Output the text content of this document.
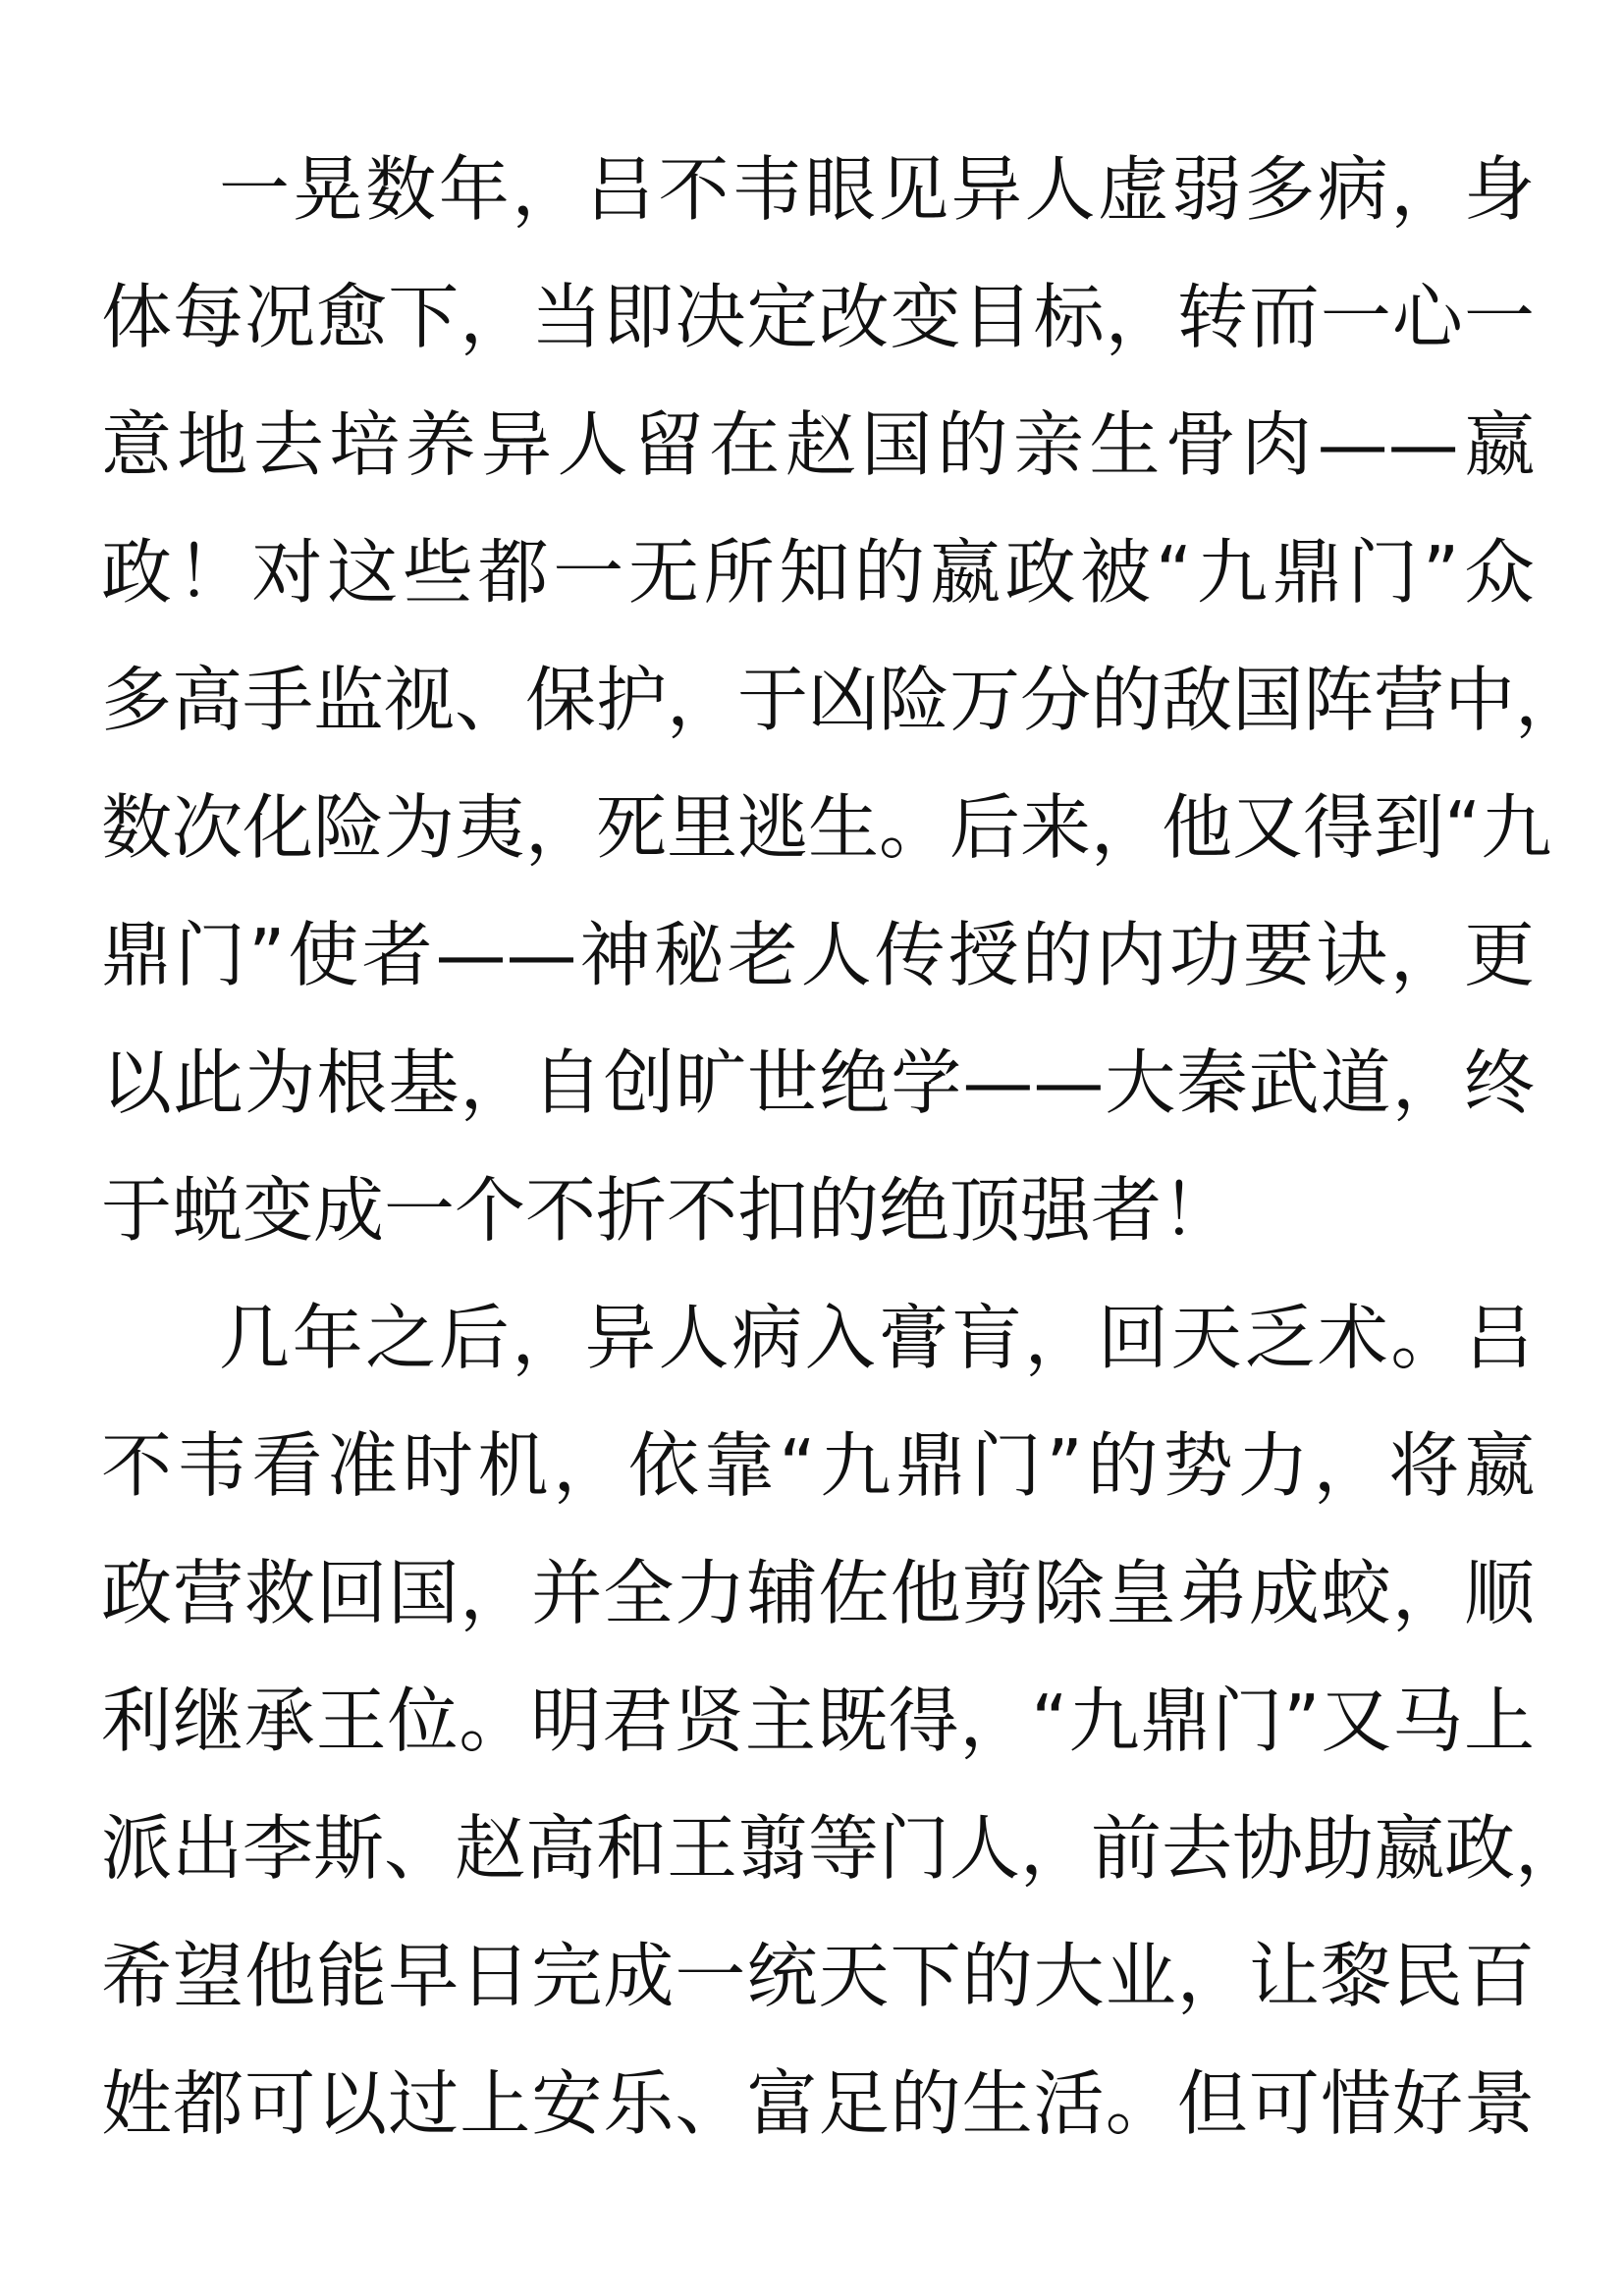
一晃数年，吕不韦眼见异人虚弱多病，身
体每况愈下，当即决定改变目标，转而一心一
意地去培养异人留在赵国的亲生骨肉——嬴
政！对这些都一无所知的嬴政被“九鼎门”众
多高手监视、保护，于凶险万分的敌国阵营中，
数次化险为夷，死里逃生。后来，他又得到“九
鼎门”使者——神秘老人传授的内功要诀，更
以此为根基，自创旷世绝学——大秦武道，终
于蜕变成一个不折不扣的绝顶强者！
几年之后，异人病入膏肓，回天乏术。吕
不韦看准时机，依靠“九鼎门”的势力，将嬴
政营救回国，并全力辅佐他剪除皇弟成蛟，顺
利继承王位。明君贤主既得，“九鼎门”又马上
派出李斯、赵高和王翦等门人，前去协助嬴政，
希望他能早日完成一统天下的大业，让黎民百
姓都可以过上安乐、富足的生活。但可惜好景
